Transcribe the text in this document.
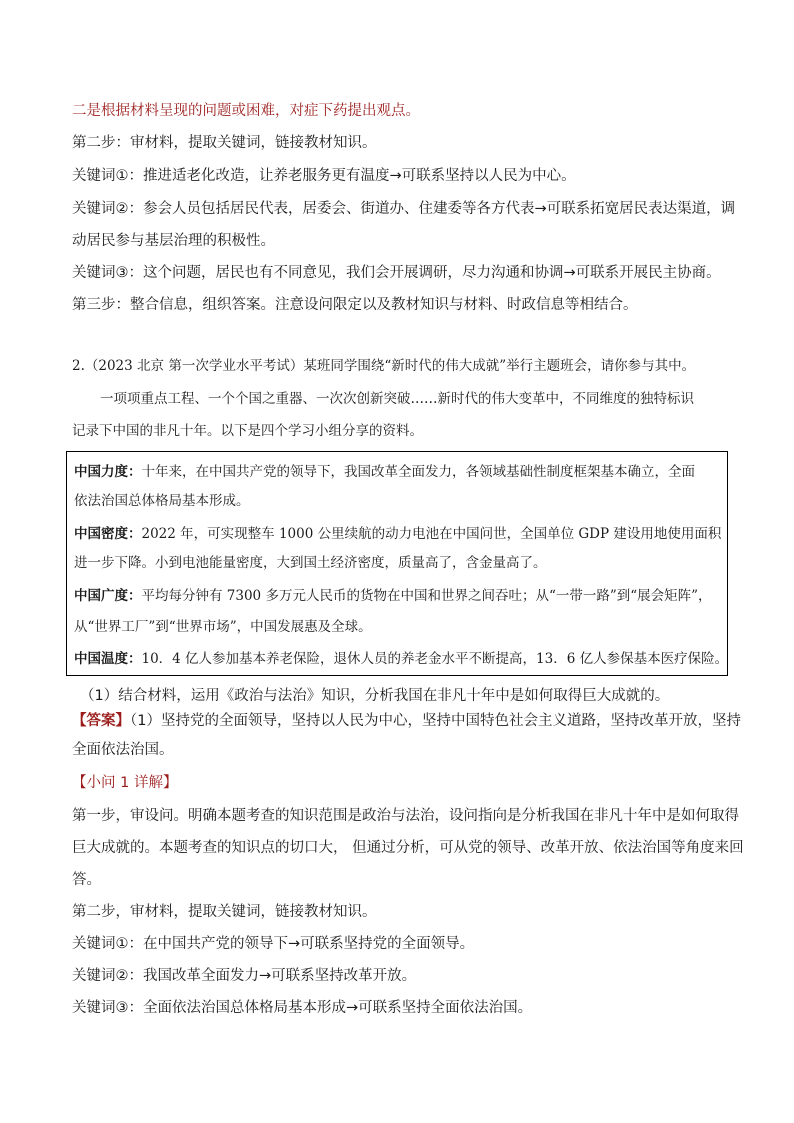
二是根据材料呈现的问题或困难，对症下药提出观点。
第二步：审材料，提取关键词，链接教材知识。
关键词①：推进适老化改造，让养老服务更有温度→可联系坚持以人民为中心。
关键词②：参会人员包括居民代表，居委会、街道办、住建委等各方代表→可联系拓宽居民表达渠道，调
动居民参与基层治理的积极性。
关键词③：这个问题，居民也有不同意见，我们会开展调研，尽力沟通和协调→可联系开展民主协商。
第三步：整合信息，组织答案。注意设问限定以及教材知识与材料、时政信息等相结合。
2.（2023 北京 第一次学业水平考试）某班同学围绕“新时代的伟大成就”举行主题班会，请你参与其中。
一项项重点工程、一个个国之重器、一次次创新突破……新时代的伟大变革中，不同维度的独特标识
记录下中国的非凡十年。以下是四个学习小组分享的资料。
中国力度：十年来，在中国共产党的领导下，我国改革全面发力，各领域基础性制度框架基本确立，全面
依法治国总体格局基本形成。
中国密度：2022 年，可实现整车 1000 公里续航的动力电池在中国问世，全国单位 GDP 建设用地使用面积
进一步下降。小到电池能量密度，大到国土经济密度，质量高了，含金量高了。
中国广度：平均每分钟有 7300 多万元人民币的货物在中国和世界之间吞吐；从“一带一路”到“展会矩阵”，
从“世界工厂”到“世界市场”，中国发展惠及全球。
中国温度：10．4 亿人参加基本养老保险，退休人员的养老金水平不断提高，13．6 亿人参保基本医疗保险。
（1）结合材料，运用《政治与法治》知识，分析我国在非凡十年中是如何取得巨大成就的。
【答案】（1）坚持党的全面领导，坚持以人民为中心，坚持中国特色社会主义道路，坚持改革开放，坚持
全面依法治国。
【小问 1 详解】
第一步，审设问。明确本题考查的知识范围是政治与法治，设问指向是分析我国在非凡十年中是如何取得
巨大成就的。本题考查的知识点的切口大， 但通过分析，可从党的领导、改革开放、依法治国等角度来回
答。
第二步，审材料，提取关键词，链接教材知识。
关键词①：在中国共产党的领导下→可联系坚持党的全面领导。
关键词②：我国改革全面发力→可联系坚持改革开放。
关键词③：全面依法治国总体格局基本形成→可联系坚持全面依法治国。
